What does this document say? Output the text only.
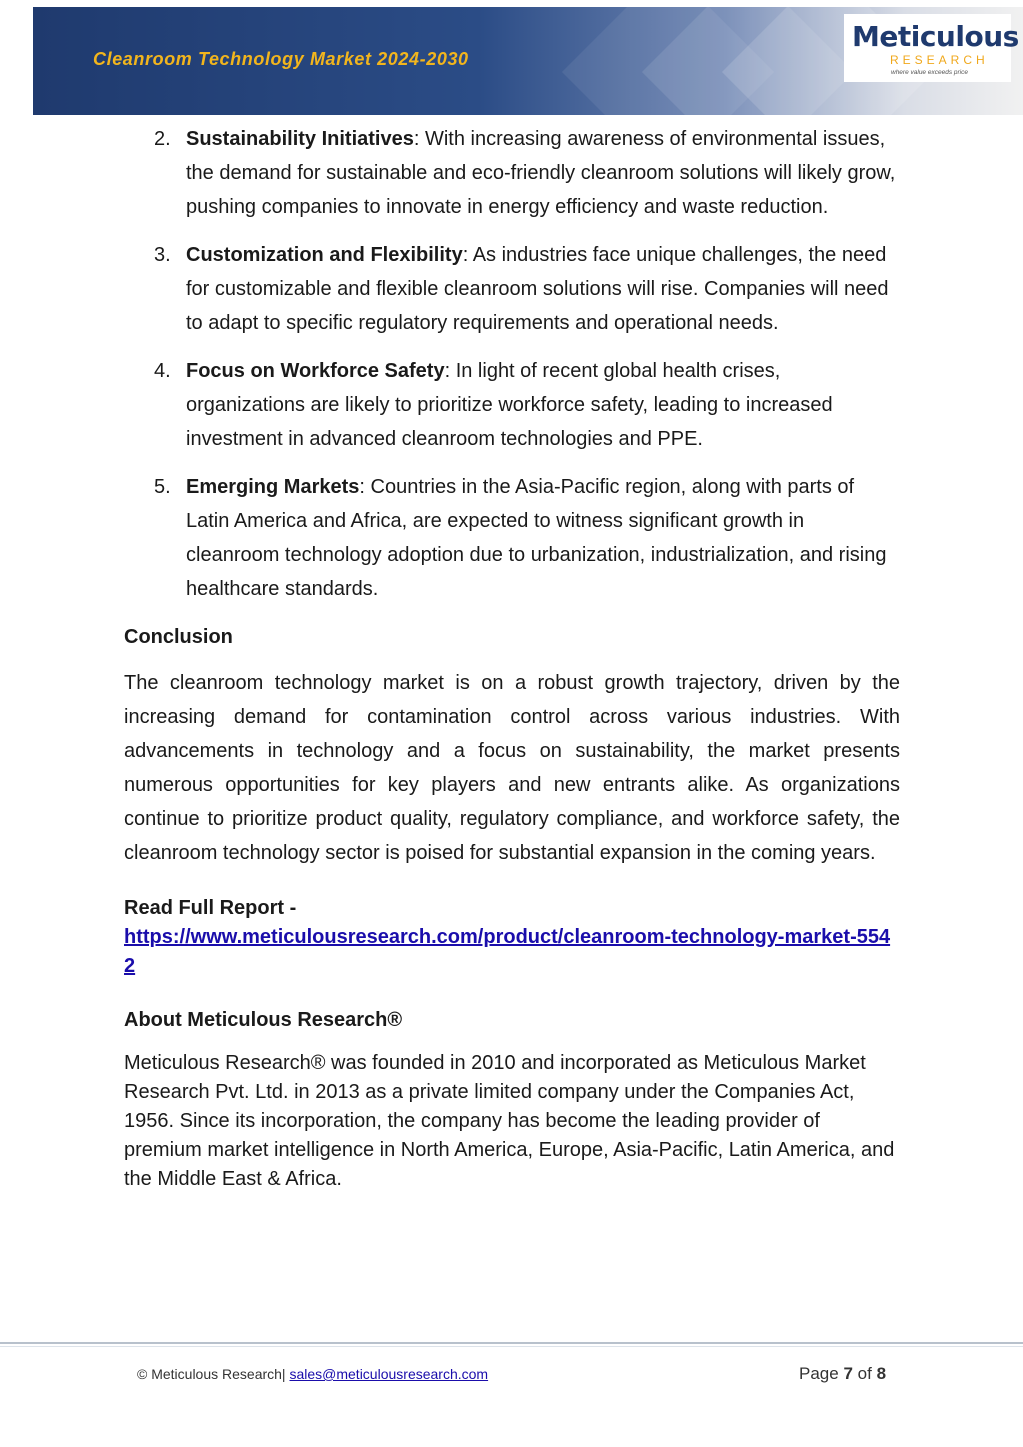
Cleanroom Technology Market 2024-2030
Meticulous
RESEARCH
where value exceeds price
2. Sustainability Initiatives: With increasing awareness of environmental issues, the demand for sustainable and eco-friendly cleanroom solutions will likely grow, pushing companies to innovate in energy efficiency and waste reduction.
3. Customization and Flexibility: As industries face unique challenges, the need for customizable and flexible cleanroom solutions will rise. Companies will need to adapt to specific regulatory requirements and operational needs.
4. Focus on Workforce Safety: In light of recent global health crises, organizations are likely to prioritize workforce safety, leading to increased investment in advanced cleanroom technologies and PPE.
5. Emerging Markets: Countries in the Asia-Pacific region, along with parts of Latin America and Africa, are expected to witness significant growth in cleanroom technology adoption due to urbanization, industrialization, and rising healthcare standards.
Conclusion

The cleanroom technology market is on a robust growth trajectory, driven by the increasing demand for contamination control across various industries. With advancements in technology and a focus on sustainability, the market presents numerous opportunities for key players and new entrants alike. As organizations continue to prioritize product quality, regulatory compliance, and workforce safety, the cleanroom technology sector is poised for substantial expansion in the coming years.

Read Full Report -
https://www.meticulousresearch.com/product/cleanroom-technology-market-5542
About Meticulous Research®

Meticulous Research® was founded in 2010 and incorporated as Meticulous Market Research Pvt. Ltd. in 2013 as a private limited company under the Companies Act, 1956. Since its incorporation, the company has become the leading provider of premium market intelligence in North America, Europe, Asia-Pacific, Latin America, and the Middle East & Africa.

© Meticulous Research| sales@meticulousresearch.com	Page 7 of 8
